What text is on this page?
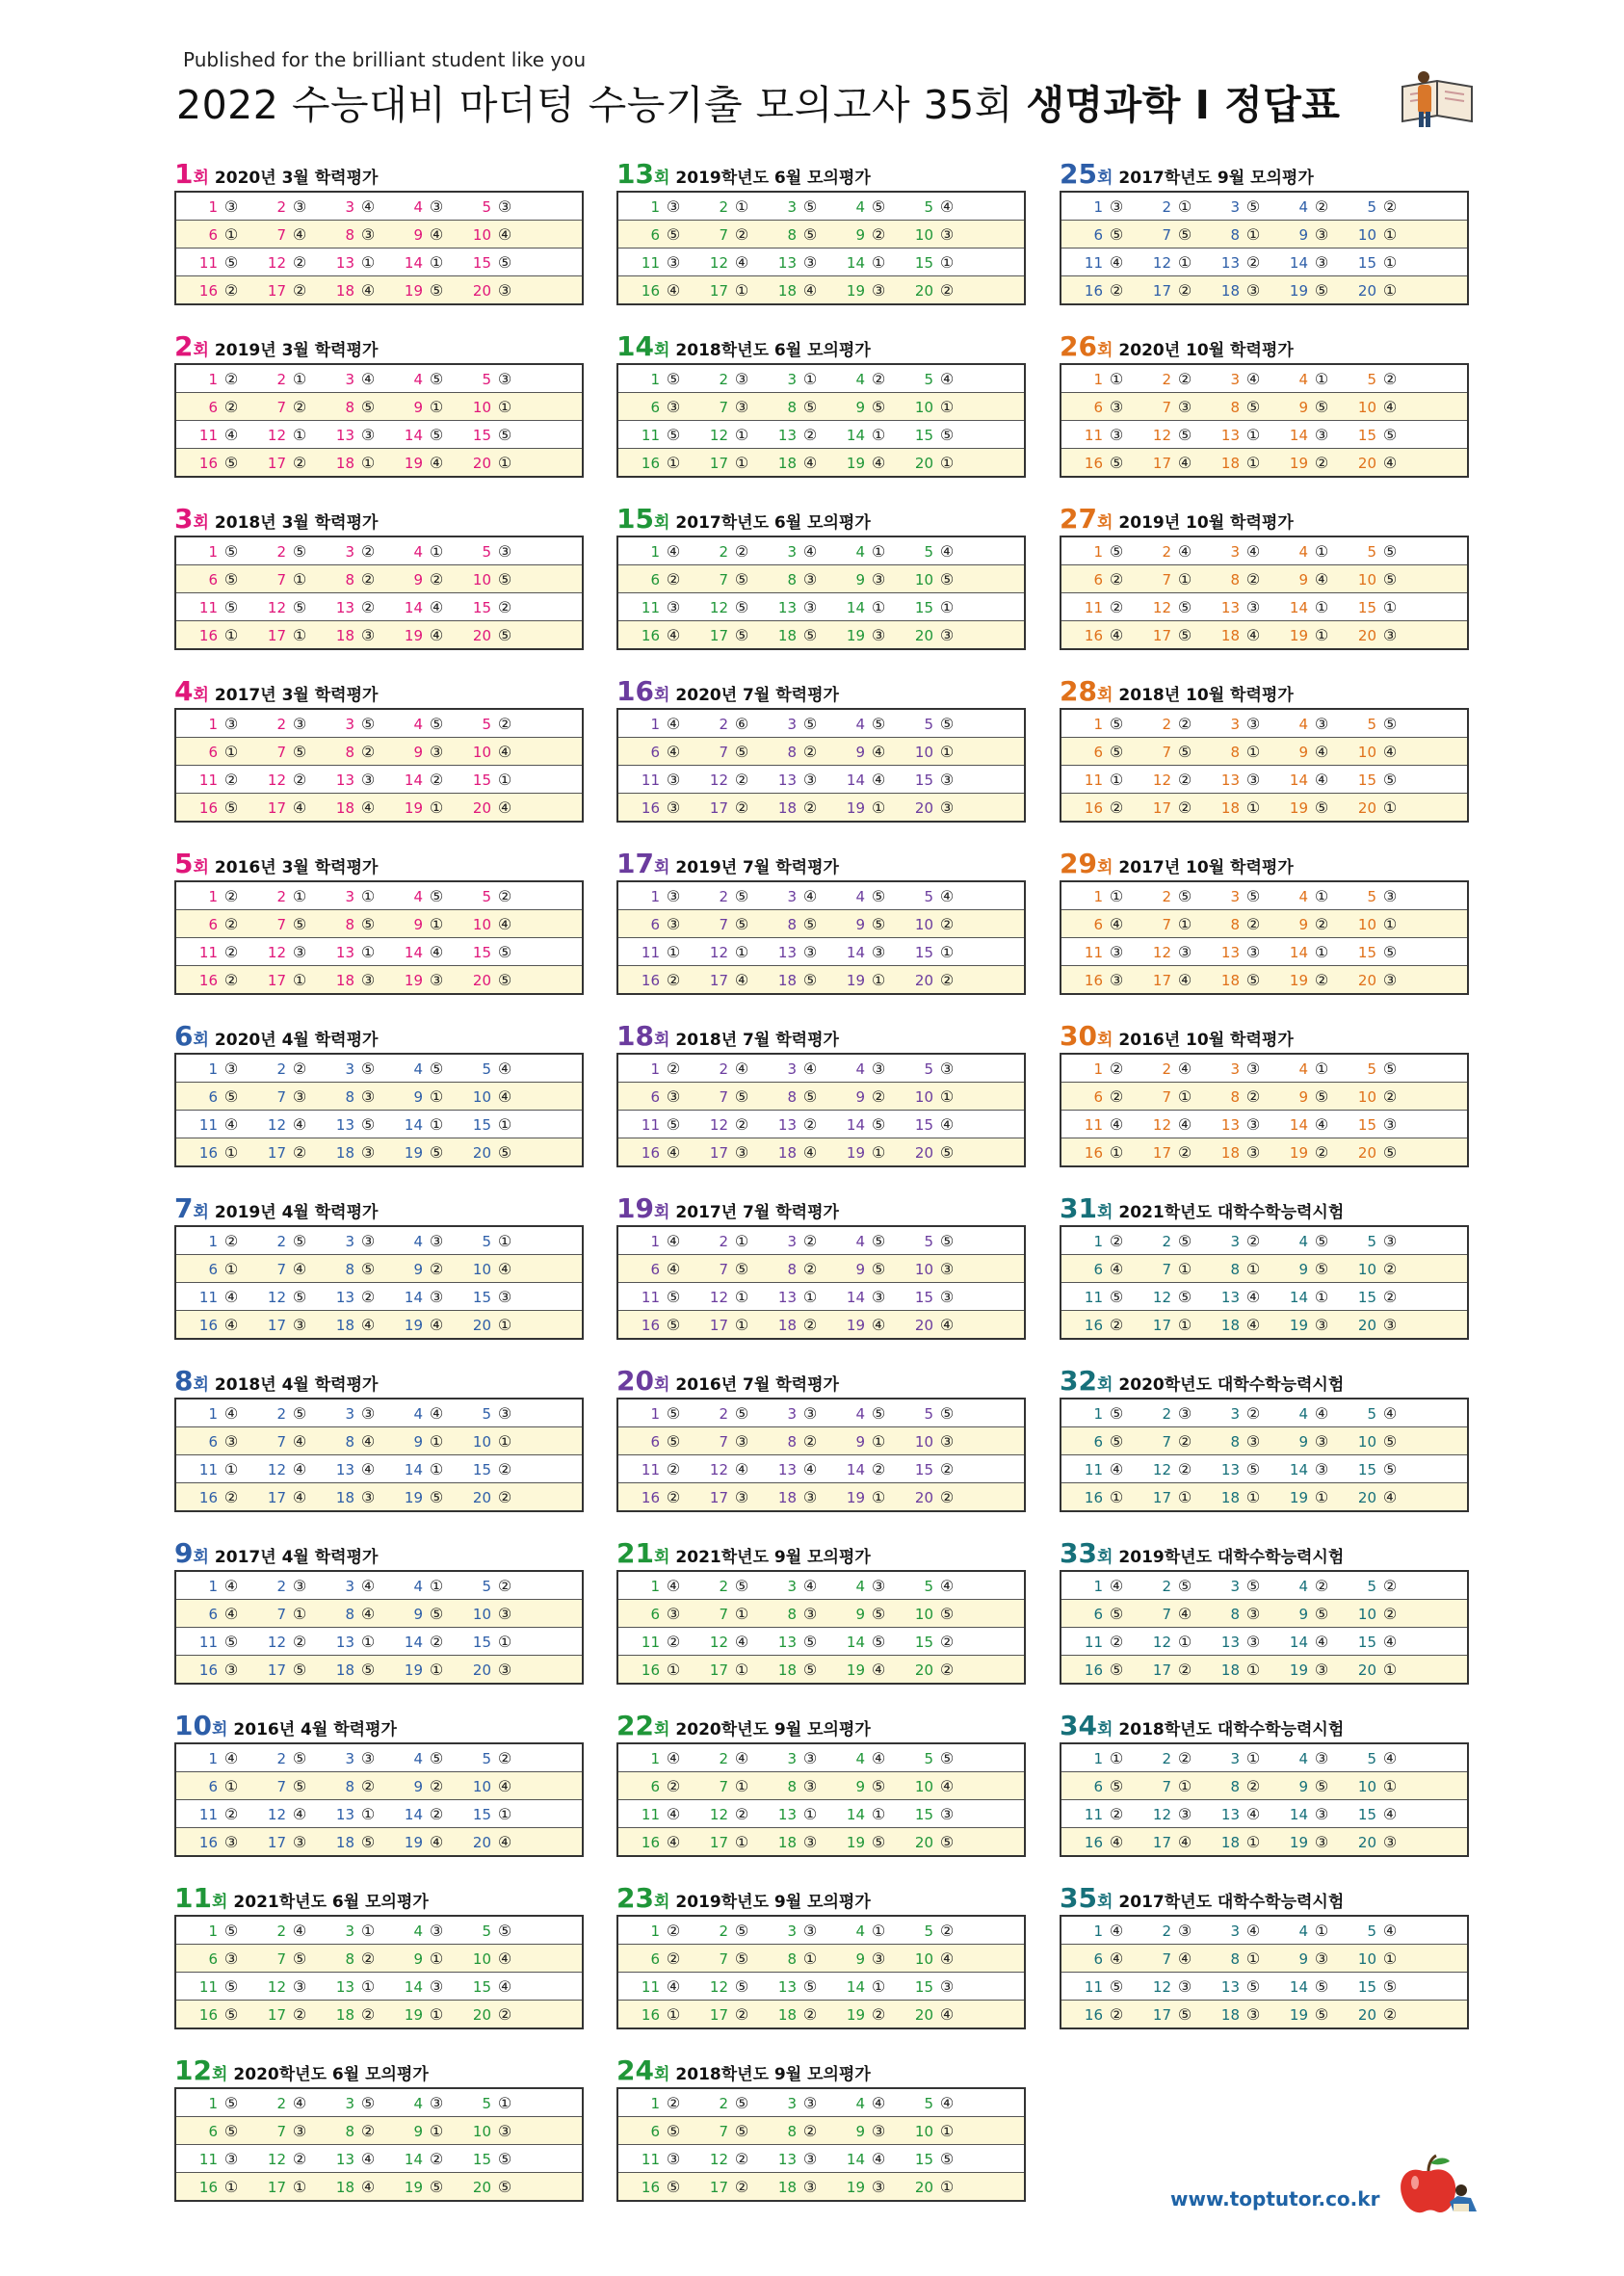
Published for the brilliant student like you
2022 수능대비 마더텅 수능기출 모의고사 35회 생명과학 I 정답표
1회 2020년 3월 학력평가
1 ③	2 ③	3 ④	4 ③	5 ③
6 ①	7 ④	8 ③	9 ④ 10 ④
11 ⑤ 12 ② 13 ① 14 ① 15 ⑤
16 ② 17 ② 18 ④ 19 ⑤ 20 ③
2회 2019년 3월 학력평가
1 ②	2 ①	3 ④	4 ⑤	5 ③
6 ②	7 ②	8 ⑤	9 ① 10 ①
11 ④ 12 ① 13 ③ 14 ⑤ 15 ⑤
16 ⑤ 17 ② 18 ① 19 ④ 20 ①
3회 2018년 3월 학력평가
1 ⑤	2 ⑤	3 ②	4 ①	5 ③
6 ⑤	7 ①	8 ②	9 ② 10 ⑤
11 ⑤ 12 ⑤ 13 ② 14 ④ 15 ②
16 ① 17 ① 18 ③ 19 ④ 20 ⑤
4회 2017년 3월 학력평가
1 ③	2 ③	3 ⑤	4 ⑤	5 ②
6 ①	7 ⑤	8 ②	9 ③ 10 ④
11 ② 12 ② 13 ③ 14 ② 15 ①
16 ⑤ 17 ④ 18 ④ 19 ① 20 ④
5회 2016년 3월 학력평가
1 ②	2 ①	3 ①	4 ⑤	5 ②
6 ②	7 ⑤	8 ⑤	9 ① 10 ④
11 ② 12 ③ 13 ① 14 ④ 15 ⑤
16 ② 17 ① 18 ③ 19 ③ 20 ⑤
6회 2020년 4월 학력평가
1 ③	2 ②	3 ⑤	4 ⑤	5 ④
6 ⑤	7 ③	8 ③	9 ① 10 ④
11 ④ 12 ④ 13 ⑤ 14 ① 15 ①
16 ① 17 ② 18 ③ 19 ⑤ 20 ⑤
7회 2019년 4월 학력평가
1 ②	2 ⑤	3 ③	4 ③	5 ①
6 ①	7 ④	8 ⑤	9 ② 10 ④
11 ④ 12 ⑤ 13 ② 14 ③ 15 ③
16 ④ 17 ③ 18 ④ 19 ④ 20 ①
8회 2018년 4월 학력평가
1 ④	2 ⑤	3 ③	4 ④	5 ③
6 ③	7 ④	8 ④	9 ① 10 ①
11 ① 12 ④ 13 ④ 14 ① 15 ②
16 ② 17 ④ 18 ③ 19 ⑤ 20 ②
9회 2017년 4월 학력평가
1 ④	2 ③	3 ④	4 ①	5 ②
6 ④	7 ①	8 ④	9 ⑤ 10 ③
11 ⑤ 12 ② 13 ① 14 ② 15 ①
16 ③ 17 ⑤ 18 ⑤ 19 ① 20 ③
10회 2016년 4월 학력평가
1 ④	2 ⑤	3 ③	4 ⑤	5 ②
6 ①	7 ⑤	8 ②	9 ② 10 ④
11 ② 12 ④ 13 ① 14 ② 15 ①
16 ③ 17 ③ 18 ⑤ 19 ④ 20 ④
11회 2021학년도 6월 모의평가
1 ⑤	2 ④	3 ①	4 ③	5 ⑤
6 ③	7 ⑤	8 ②	9 ① 10 ④
11 ⑤ 12 ③ 13 ① 14 ③ 15 ④
16 ⑤ 17 ② 18 ② 19 ① 20 ②
12회 2020학년도 6월 모의평가
1 ⑤	2 ④	3 ⑤	4 ③	5 ①
6 ⑤	7 ③	8 ②	9 ① 10 ③
11 ③ 12 ② 13 ④ 14 ② 15 ⑤
16 ① 17 ① 18 ④ 19 ⑤ 20 ⑤
13회 2019학년도 6월 모의평가
1 ③	2 ①	3 ⑤	4 ⑤	5 ④
6 ⑤	7 ②	8 ⑤	9 ② 10 ③
11 ③ 12 ④ 13 ③ 14 ① 15 ①
16 ④ 17 ① 18 ④ 19 ③ 20 ②
14회 2018학년도 6월 모의평가
1 ⑤	2 ③	3 ①	4 ②	5 ④
6 ③	7 ③	8 ⑤	9 ⑤ 10 ①
11 ⑤ 12 ① 13 ② 14 ① 15 ⑤
16 ① 17 ① 18 ④ 19 ④ 20 ①
15회 2017학년도 6월 모의평가
1 ④	2 ②	3 ④	4 ①	5 ④
6 ②	7 ⑤	8 ③	9 ③ 10 ⑤
11 ③ 12 ⑤ 13 ③ 14 ① 15 ①
16 ④ 17 ⑤ 18 ⑤ 19 ③ 20 ③
16회 2020년 7월 학력평가
1 ④	2 ⑥	3 ⑤	4 ⑤	5 ⑤
6 ④	7 ⑤	8 ②	9 ④ 10 ①
11 ③ 12 ② 13 ③ 14 ④ 15 ③
16 ③ 17 ② 18 ② 19 ① 20 ③
17회 2019년 7월 학력평가
1 ③	2 ⑤	3 ④	4 ⑤	5 ④
6 ③	7 ⑤	8 ⑤	9 ⑤ 10 ②
11 ① 12 ① 13 ③ 14 ③ 15 ①
16 ② 17 ④ 18 ⑤ 19 ① 20 ②
18회 2018년 7월 학력평가
1 ②	2 ④	3 ④	4 ③	5 ③
6 ③	7 ⑤	8 ⑤	9 ② 10 ①
11 ⑤ 12 ② 13 ② 14 ⑤ 15 ④
16 ④ 17 ③ 18 ④ 19 ① 20 ⑤
19회 2017년 7월 학력평가
1 ④	2 ①	3 ②	4 ⑤	5 ⑤
6 ④	7 ⑤	8 ②	9 ⑤ 10 ③
11 ⑤ 12 ① 13 ① 14 ③ 15 ③
16 ⑤ 17 ① 18 ② 19 ④ 20 ④
20회 2016년 7월 학력평가
1 ⑤	2 ⑤	3 ③	4 ⑤	5 ⑤
6 ⑤	7 ③	8 ②	9 ① 10 ③
11 ② 12 ④ 13 ④ 14 ② 15 ②
16 ② 17 ③ 18 ③ 19 ① 20 ②
21회 2021학년도 9월 모의평가
1 ④	2 ⑤	3 ④	4 ③	5 ④
6 ③	7 ①	8 ③	9 ⑤ 10 ⑤
11 ② 12 ④ 13 ⑤ 14 ⑤ 15 ②
16 ① 17 ① 18 ⑤ 19 ④ 20 ②
22회 2020학년도 9월 모의평가
1 ④	2 ④	3 ③	4 ④	5 ⑤
6 ②	7 ①	8 ③	9 ⑤ 10 ④
11 ④ 12 ② 13 ① 14 ① 15 ③
16 ④ 17 ① 18 ③ 19 ⑤ 20 ⑤
23회 2019학년도 9월 모의평가
1 ②	2 ⑤	3 ③	4 ①	5 ②
6 ②	7 ⑤	8 ①	9 ③ 10 ④
11 ④ 12 ⑤ 13 ⑤ 14 ① 15 ③
16 ① 17 ② 18 ② 19 ② 20 ④
24회 2018학년도 9월 모의평가
1 ②	2 ⑤	3 ③	4 ④	5 ④
6 ⑤	7 ⑤	8 ②	9 ③ 10 ①
11 ③ 12 ② 13 ③ 14 ④ 15 ⑤
16 ⑤ 17 ② 18 ③ 19 ③ 20 ①
25회 2017학년도 9월 모의평가
1 ③	2 ①	3 ⑤	4 ②	5 ②
6 ⑤	7 ⑤	8 ①	9 ③ 10 ①
11 ④ 12 ① 13 ② 14 ③ 15 ①
16 ② 17 ② 18 ③ 19 ⑤ 20 ①
26회 2020년 10월 학력평가
1 ①	2 ②	3 ④	4 ①	5 ②
6 ③	7 ③	8 ⑤	9 ⑤ 10 ④
11 ③ 12 ⑤ 13 ① 14 ③ 15 ⑤
16 ⑤ 17 ④ 18 ① 19 ② 20 ④
27회 2019년 10월 학력평가
1 ⑤	2 ④	3 ④	4 ①	5 ⑤
6 ②	7 ①	8 ②	9 ④ 10 ⑤
11 ② 12 ⑤ 13 ③ 14 ① 15 ①
16 ④ 17 ⑤ 18 ④ 19 ① 20 ③
28회 2018년 10월 학력평가
1 ⑤	2 ②	3 ③	4 ③	5 ⑤
6 ⑤	7 ⑤	8 ①	9 ④ 10 ④
11 ① 12 ② 13 ③ 14 ④ 15 ⑤
16 ② 17 ② 18 ① 19 ⑤ 20 ①
29회 2017년 10월 학력평가
1 ①	2 ⑤	3 ⑤	4 ①	5 ③
6 ④	7 ①	8 ②	9 ② 10 ①
11 ③ 12 ③ 13 ③ 14 ① 15 ⑤
16 ③ 17 ④ 18 ⑤ 19 ② 20 ③
30회 2016년 10월 학력평가
1 ②	2 ④	3 ③	4 ①	5 ⑤
6 ②	7 ①	8 ②	9 ⑤ 10 ②
11 ④ 12 ④ 13 ③ 14 ④ 15 ③
16 ① 17 ② 18 ③ 19 ② 20 ⑤
31회 2021학년도 대학수학능력시험
1 ②	2 ⑤	3 ②	4 ⑤	5 ③
6 ④	7 ①	8 ①	9 ⑤ 10 ②
11 ⑤ 12 ⑤ 13 ④ 14 ① 15 ②
16 ② 17 ① 18 ④ 19 ③ 20 ③
32회 2020학년도 대학수학능력시험
1 ⑤	2 ③	3 ②	4 ④	5 ④
6 ⑤	7 ②	8 ③	9 ③ 10 ⑤
11 ④ 12 ② 13 ⑤ 14 ③ 15 ⑤
16 ① 17 ① 18 ① 19 ① 20 ④
33회 2019학년도 대학수학능력시험
1 ④	2 ⑤	3 ⑤	4 ②	5 ②
6 ⑤	7 ④	8 ③	9 ⑤ 10 ②
11 ② 12 ① 13 ③ 14 ④ 15 ④
16 ⑤ 17 ② 18 ① 19 ③ 20 ①
34회 2018학년도 대학수학능력시험
1 ①	2 ②	3 ①	4 ③	5 ④
6 ⑤	7 ①	8 ②	9 ⑤ 10 ①
11 ② 12 ③ 13 ④ 14 ③ 15 ④
16 ④ 17 ④ 18 ① 19 ③ 20 ③
35회 2017학년도 대학수학능력시험
1 ④	2 ③	3 ④	4 ①	5 ④
6 ④	7 ④	8 ①	9 ③ 10 ①
11 ⑤ 12 ③ 13 ⑤ 14 ⑤ 15 ⑤
16 ② 17 ⑤ 18 ③ 19 ⑤ 20 ②
www.toptutor.co.kr
